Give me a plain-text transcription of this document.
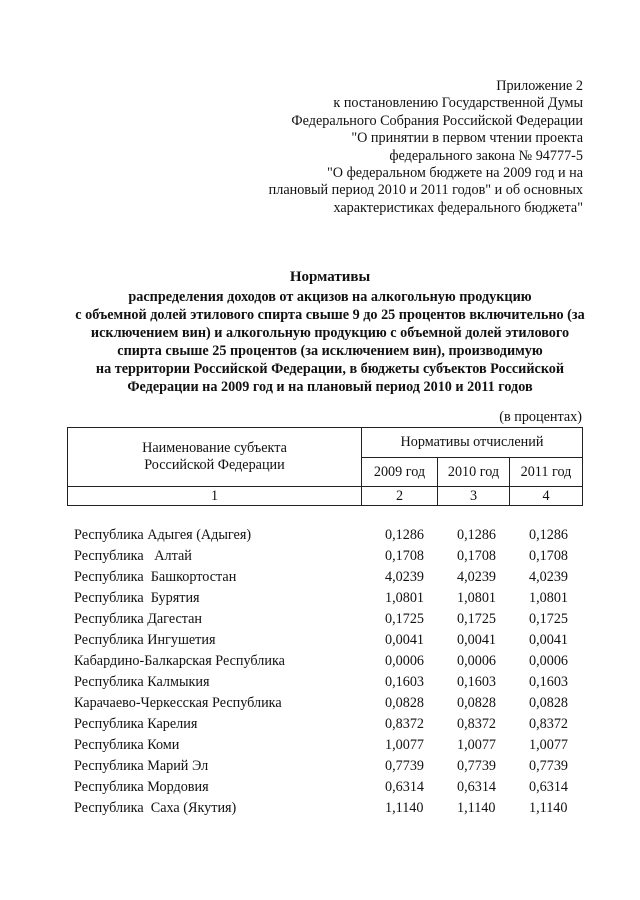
Приложение 2
к постановлению Государственной Думы
Федерального Собрания Российской Федерации
"О принятии в первом чтении проекта
федерального закона № 94777-5
"О федеральном бюджете на 2009 год и на
плановый период 2010 и 2011 годов" и об основных
характеристиках федерального бюджета"
Нормативы
распределения доходов от акцизов на алкогольную продукцию
с объемной долей этилового спирта свыше 9 до 25 процентов включительно (за
исключением вин) и алкогольную продукцию с объемной долей этилового
спирта свыше 25 процентов (за исключением вин), производимую
на территории Российской Федерации, в бюджеты субъектов Российской
Федерации на 2009 год и на плановый период 2010 и 2011 годов
(в процентах)
Наименование субъекта
Российской Федерации	Нормативы отчислений		
	2009 год	2010 год	2011 год
1	2	3	4
Республика Адыгея (Адыгея)	0,1286 0,1286 0,1286
Республика   Алтай	0,1708 0,1708 0,1708
Республика  Башкортостан	4,0239 4,0239 4,0239
Республика  Бурятия	1,0801 1,0801 1,0801
Республика Дагестан	0,1725 0,1725 0,1725
Республика Ингушетия	0,0041 0,0041 0,0041
Кабардино-Балкарская Республика	0,0006 0,0006 0,0006
Республика Калмыкия	0,1603 0,1603 0,1603
Карачаево-Черкесская Республика	0,0828 0,0828 0,0828
Республика Карелия	0,8372 0,8372 0,8372
Республика Коми	1,0077 1,0077 1,0077
Республика Марий Эл	0,7739 0,7739 0,7739
Республика Мордовия	0,6314 0,6314 0,6314
Республика  Саха (Якутия)	1,1140 1,1140 1,1140
